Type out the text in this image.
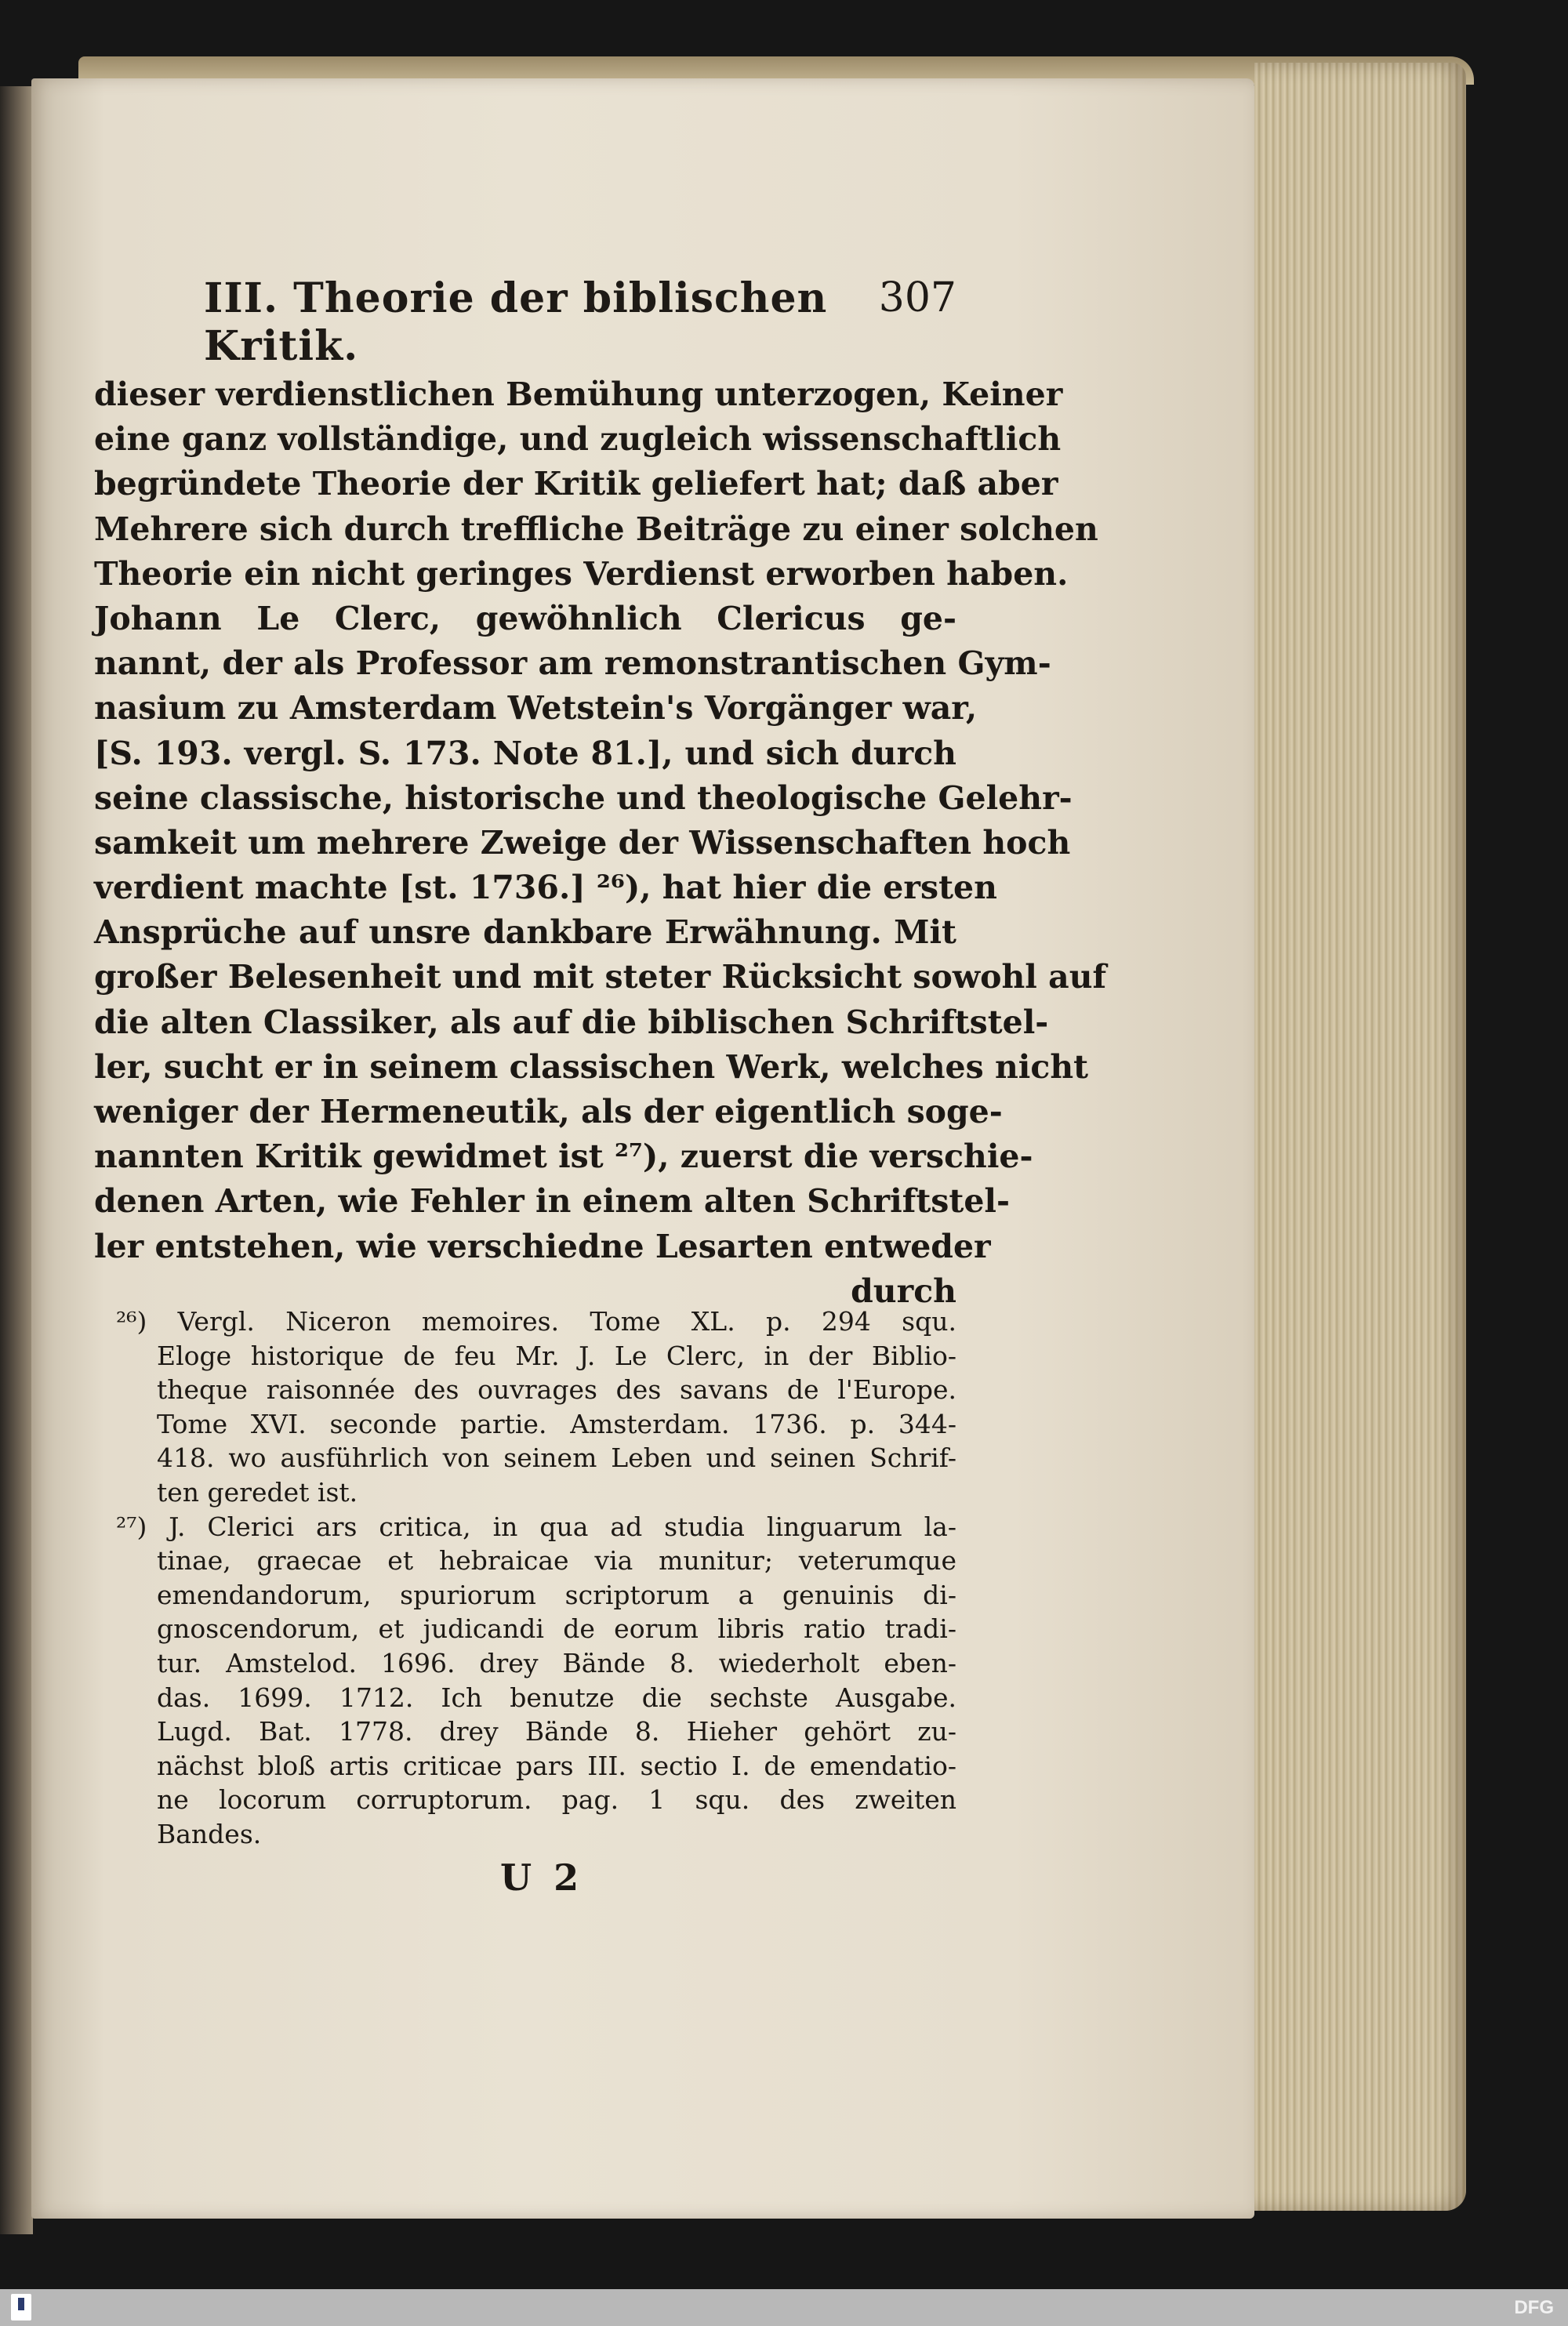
III. Theorie der biblischen Kritik.
307
dieser verdienstlichen Bemühung unterzogen, Keiner
eine ganz vollständige, und zugleich wissenschaftlich
begründete Theorie der Kritik geliefert hat; daß aber
Mehrere sich durch treffliche Beiträge zu einer solchen
Theorie ein nicht geringes Verdienst erworben haben.
Johann Le Clerc, gewöhnlich Clericus ge-
nannt, der als Professor am remonstrantischen Gym-
nasium zu Amsterdam Wetstein's Vorgänger war,
[S. 193. vergl. S. 173. Note 81.], und sich durch
seine classische, historische und theologische Gelehr-
samkeit um mehrere Zweige der Wissenschaften hoch
verdient machte [st. 1736.] ²⁶), hat hier die ersten
Ansprüche auf unsre dankbare Erwähnung. Mit
großer Belesenheit und mit steter Rücksicht sowohl auf
die alten Classiker, als auf die biblischen Schriftstel-
ler, sucht er in seinem classischen Werk, welches nicht
weniger der Hermeneutik, als der eigentlich soge-
nannten Kritik gewidmet ist ²⁷), zuerst die verschie-
denen Arten, wie Fehler in einem alten Schriftstel-
ler entstehen, wie verschiedne Lesarten entweder
durch
²⁶) Vergl. Niceron memoires. Tome XL. p. 294 squ.
Eloge historique de feu Mr. J. Le Clerc, in der Biblio-
theque raisonnée des ouvrages des savans de l'Europe.
Tome XVI. seconde partie. Amsterdam. 1736. p. 344-
418. wo ausführlich von seinem Leben und seinen Schrif-
ten geredet ist.
²⁷) J. Clerici ars critica, in qua ad studia linguarum la-
tinae, graecae et hebraicae via munitur; veterumque
emendandorum, spuriorum scriptorum a genuinis di-
gnoscendorum, et judicandi de eorum libris ratio tradi-
tur. Amstelod. 1696. drey Bände 8. wiederholt eben-
das. 1699. 1712. Ich benutze die sechste Ausgabe.
Lugd. Bat. 1778. drey Bände 8. Hieher gehört zu-
nächst bloß artis criticae pars III. sectio I. de emendatio-
ne locorum corruptorum. pag. 1 squ. des zweiten
Bandes.
U 2
DFG
